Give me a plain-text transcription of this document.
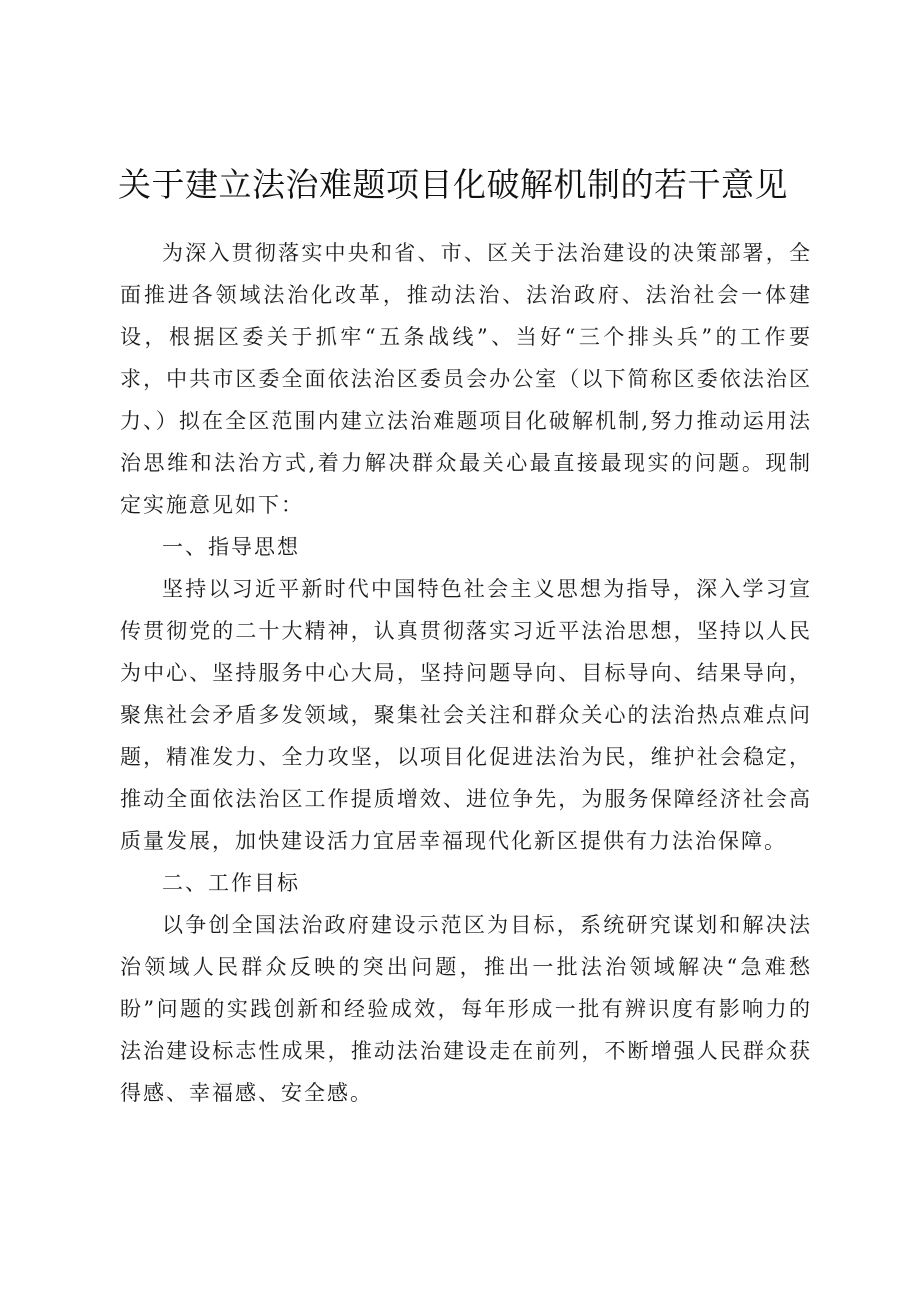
关于建立法治难题项目化破解机制的若干意见

为深入贯彻落实中央和省、市、区关于法治建设的决策部署，全面推进各领域法治化改革，推动法治、法治政府、法治社会一体建设，根据区委关于抓牢“五条战线”、当好“三个排头兵”的工作要求，中共市区委全面依法治区委员会办公室（以下简称区委依法治区力、）拟在全区范围内建立法治难题项目化破解机制,努力推动运用法治思维和法治方式,着力解决群众最关心最直接最现实的问题。现制定实施意见如下：

一、指导思想

坚持以习近平新时代中国特色社会主义思想为指导，深入学习宣传贯彻党的二十大精神，认真贯彻落实习近平法治思想，坚持以人民为中心、坚持服务中心大局，坚持问题导向、目标导向、结果导向，聚焦社会矛盾多发领域，聚集社会关注和群众关心的法治热点难点问题，精准发力、全力攻坚，以项目化促进法治为民，维护社会稳定，推动全面依法治区工作提质增效、进位争先，为服务保障经济社会高质量发展，加快建设活力宜居幸福现代化新区提供有力法治保障。

二、工作目标

以争创全国法治政府建设示范区为目标，系统研究谋划和解决法治领域人民群众反映的突出问题，推出一批法治领域解决“急难愁盼”问题的实践创新和经验成效，每年形成一批有辨识度有影响力的法治建设标志性成果，推动法治建设走在前列，不断增强人民群众获得感、幸福感、安全感。
